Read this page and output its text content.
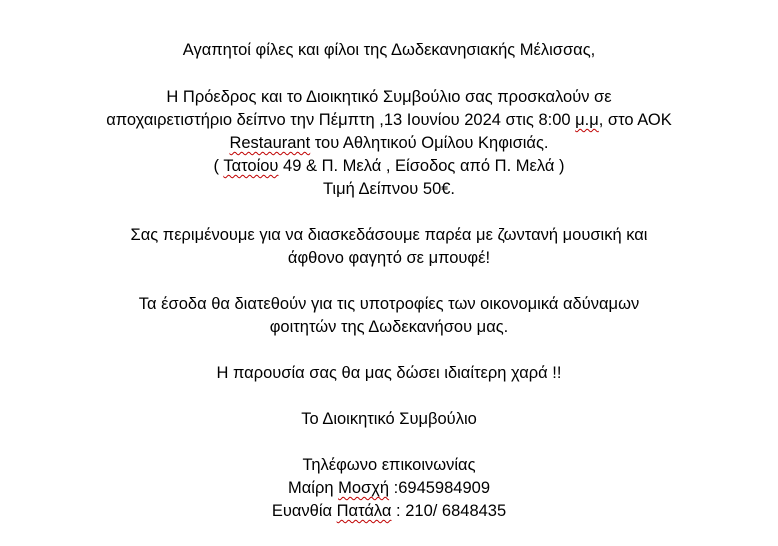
Αγαπητοί φίλες και φίλοι της Δωδεκανησιακής Μέλισσας,
Η Πρόεδρος και το Διοικητικό Συμβούλιο σας προσκαλούν σε
αποχαιρετιστήριο δείπνο την Πέμπτη ,13 Ιουνίου 2024 στις 8:00 μ.μ, στο ΑΟΚ
Restaurant του Αθλητικού Ομίλου Κηφισιάς.
( Τατοίου 49 & Π. Μελά , Είσοδος από Π. Μελά )
Τιμή Δείπνου 50€.
Σας περιμένουμε για να διασκεδάσουμε παρέα με ζωντανή μουσική και
άφθονο φαγητό σε μπουφέ!
Τα έσοδα θα διατεθούν για τις υποτροφίες των οικονομικά αδύναμων
φοιτητών της Δωδεκανήσου μας.
Η παρουσία σας θα μας δώσει ιδιαίτερη χαρά !!
Το Διοικητικό Συμβούλιο
Τηλέφωνο επικοινωνίας
Μαίρη Μοσχή :6945984909
Ευανθία Πατάλα : 210/ 6848435
